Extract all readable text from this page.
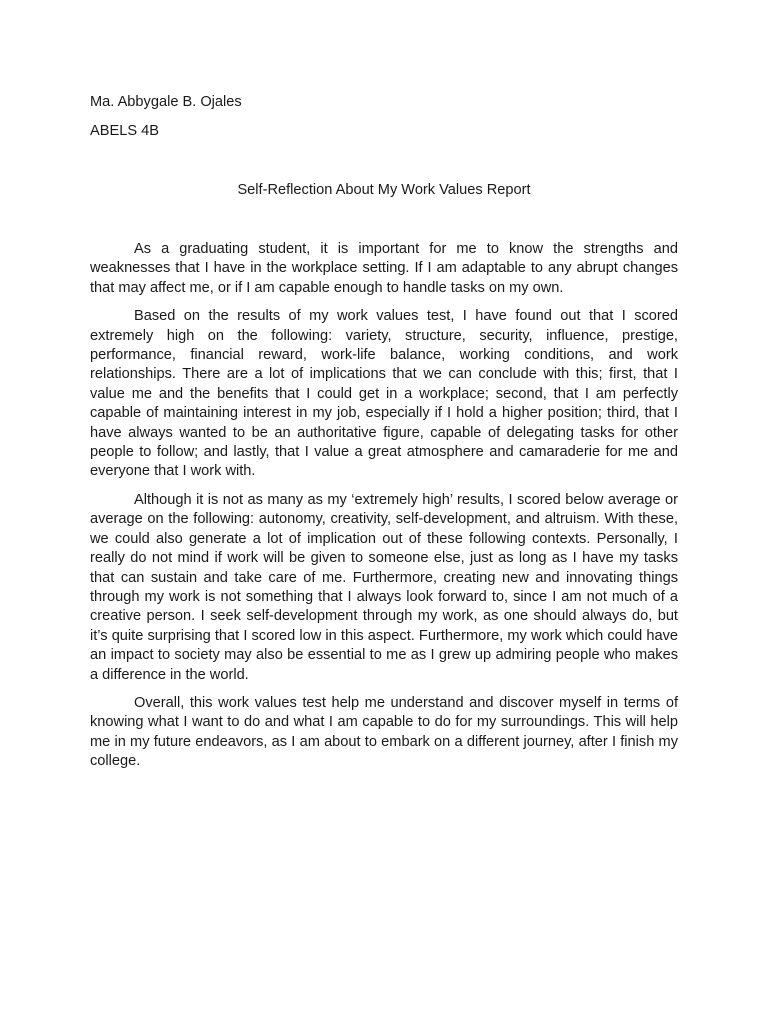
Ma. Abbygale B. Ojales

ABELS 4B

Self-Reflection About My Work Values Report

As a graduating student, it is important for me to know the strengths and weaknesses that I have in the workplace setting. If I am adaptable to any abrupt changes that may affect me, or if I am capable enough to handle tasks on my own.

Based on the results of my work values test, I have found out that I scored extremely high on the following: variety, structure, security, influence, prestige, performance, financial reward, work-life balance, working conditions, and work relationships. There are a lot of implications that we can conclude with this; first, that I value me and the benefits that I could get in a workplace; second, that I am perfectly capable of maintaining interest in my job, especially if I hold a higher position; third, that I have always wanted to be an authoritative figure, capable of delegating tasks for other people to follow; and lastly, that I value a great atmosphere and camaraderie for me and everyone that I work with.

Although it is not as many as my ‘extremely high’ results, I scored below average or average on the following: autonomy, creativity, self-development, and altruism. With these, we could also generate a lot of implication out of these following contexts. Personally, I really do not mind if work will be given to someone else, just as long as I have my tasks that can sustain and take care of me. Furthermore, creating new and innovating things through my work is not something that I always look forward to, since I am not much of a creative person. I seek self-development through my work, as one should always do, but it’s quite surprising that I scored low in this aspect. Furthermore, my work which could have an impact to society may also be essential to me as I grew up admiring people who makes a difference in the world.

Overall, this work values test help me understand and discover myself in terms of knowing what I want to do and what I am capable to do for my surroundings. This will help me in my future endeavors, as I am about to embark on a different journey, after I finish my college.
